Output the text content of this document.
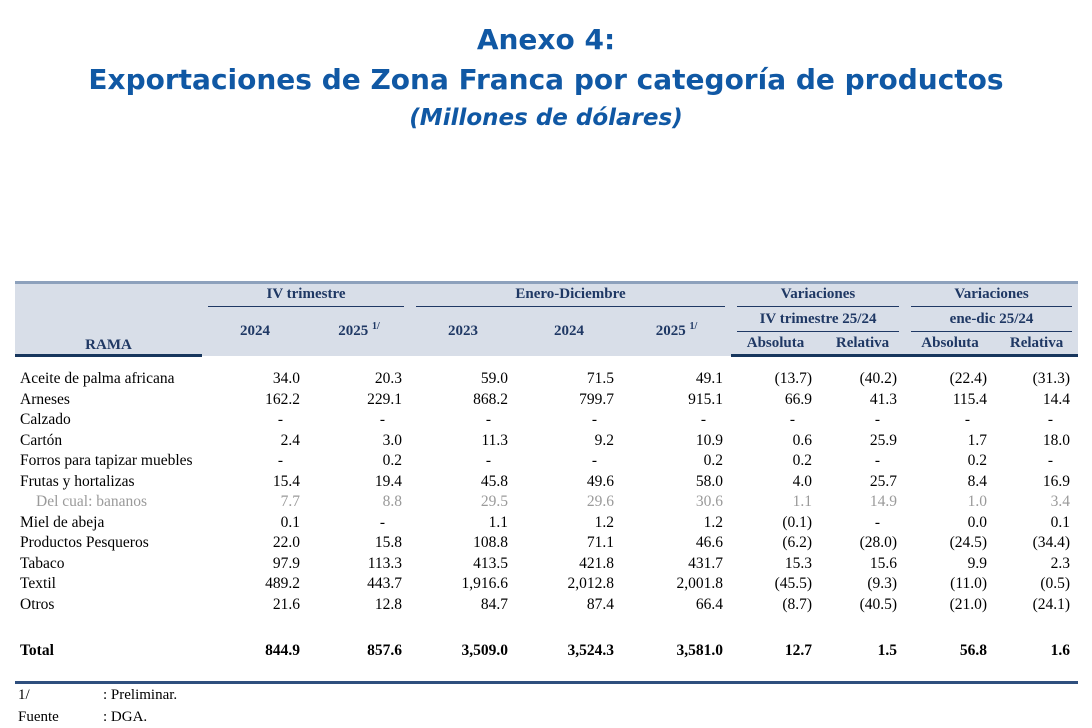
Anexo 4:
Exportaciones de Zona Franca por categoría de productos
(Millones de dólares)
RAMA	IV trimestre		Enero-Diciembre			Variaciones		Variaciones	

	2024	2025 $^{1/}$	2023	2024	2025 $^{1/}$	IV trimestre 25/24		ene-dic 25/24	

						Absoluta	Relativa	Absoluta	Relativa

Aceite de palma africana	34.0	20.3	59.0	71.5	49.1	(13.7)	(40.2)	(22.4)	(31.3)
Arneses	162.2	229.1	868.2	799.7	915.1	66.9	41.3	115.4	14.4
Calzado	-	-	-	-	-	-	-	-	-
Cartón	2.4	3.0	11.3	9.2	10.9	0.6	25.9	1.7	18.0
Forros para tapizar muebles	-	0.2	-	-	0.2	0.2	-	0.2	-
Frutas y hortalizas	15.4	19.4	45.8	49.6	58.0	4.0	25.7	8.4	16.9
Del cual: bananos	7.7	8.8	29.5	29.6	30.6	1.1	14.9	1.0	3.4
Miel de abeja	0.1	-	1.1	1.2	1.2	(0.1)	-	0.0	0.1
Productos Pesqueros	22.0	15.8	108.8	71.1	46.6	(6.2)	(28.0)	(24.5)	(34.4)
Tabaco	97.9	113.3	413.5	421.8	431.7	15.3	15.6	9.9	2.3
Textil	489.2	443.7	1,916.6	2,012.8	2,001.8	(45.5)	(9.3)	(11.0)	(0.5)
Otros	21.6	12.8	84.7	87.4	66.4	(8.7)	(40.5)	(21.0)	(24.1)

Total	844.9	857.6	3,509.0	3,524.3	3,581.0	12.7	1.5	56.8	1.6

1/	: Preliminar.
Fuente	: DGA.
